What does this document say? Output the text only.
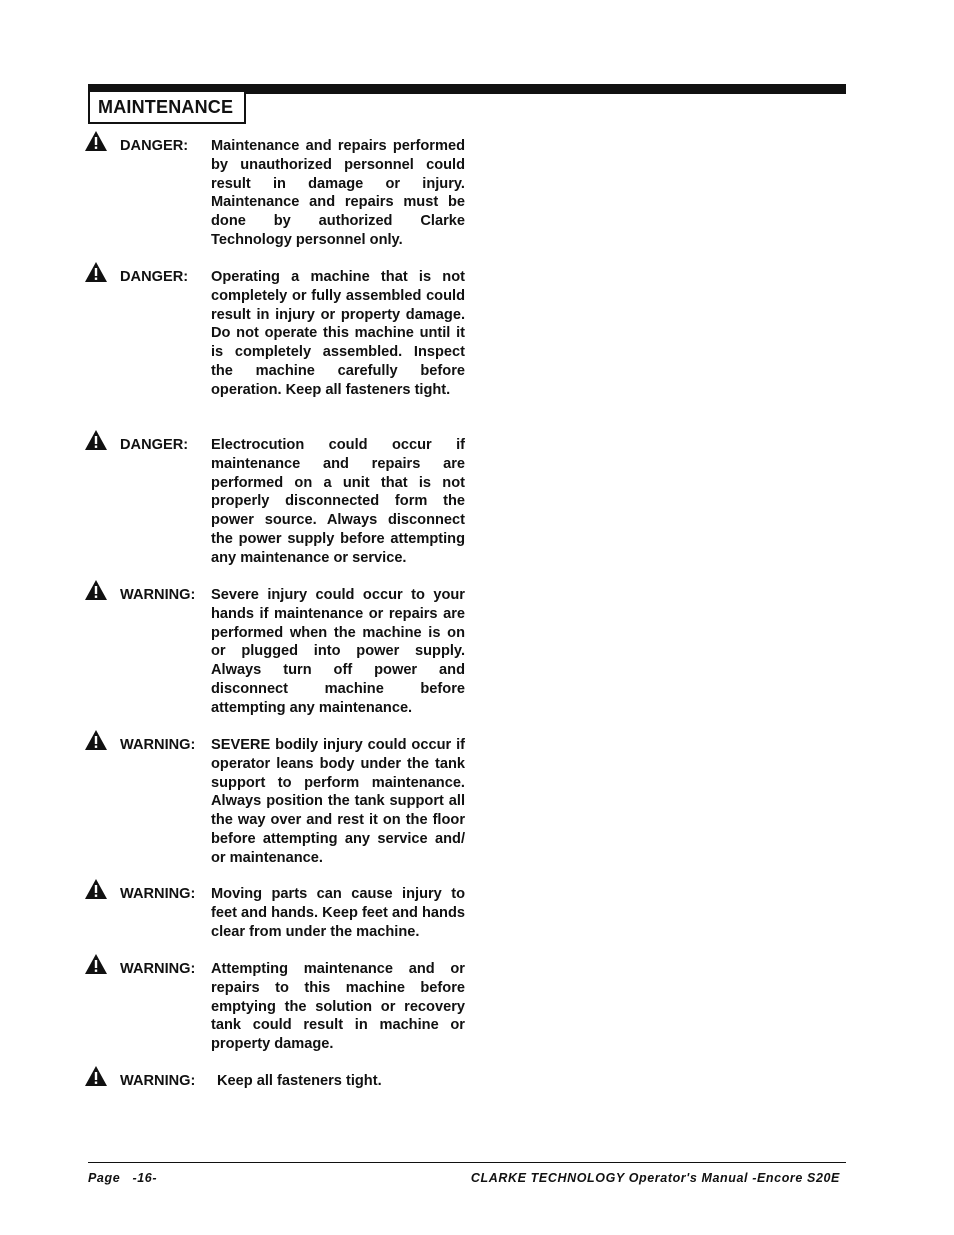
MAINTENANCE
DANGER: Maintenance and repairs performed by unauthorized personnel could result in damage or injury. Maintenance and repairs must be done by authorized Clarke Technology personnel only.
DANGER: Operating a machine that is not completely or fully assembled could result in injury or property damage. Do not operate this machine until it is completely assembled. Inspect the machine carefully before operation. Keep all fasteners tight.
DANGER: Electrocution could occur if maintenance and repairs are performed on a unit that is not properly disconnected form the power source. Always disconnect the power supply before attempting any maintenance or service.
WARNING: Severe injury could occur to your hands if maintenance or repairs are performed when the machine is on or plugged into power supply. Always turn off power and disconnect machine before attempting any maintenance.
WARNING: SEVERE bodily injury could occur if operator leans body under the tank support to perform maintenance. Always position the tank support all the way over and rest it on the floor before attempting any service and/ or maintenance.
WARNING: Moving parts can cause injury to feet and hands. Keep feet and hands clear from under the machine.
WARNING: Attempting maintenance and or repairs to this machine before emptying the solution or recovery tank could result in machine or property damage.
WARNING:	Keep all fasteners tight.
Page   -16-	CLARKE TECHNOLOGY Operator's Manual -Encore S20E
